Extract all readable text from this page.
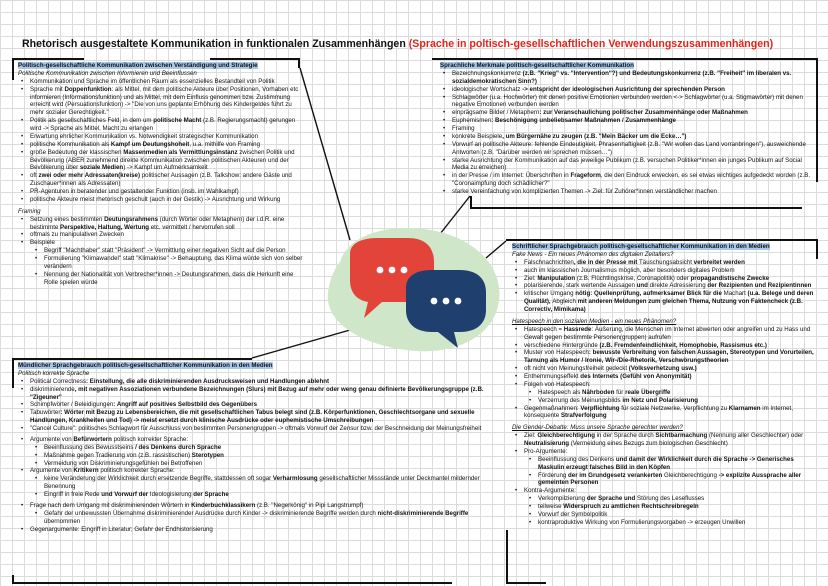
Rhetorisch ausgestaltete Kommunikation in funktionalen Zusammenhängen (Sprache in poltisch-gesellschaftlichen Verwendungszusammenhängen)
Politisch-gesellschaftliche Kommunikation zwischen Verständigung und Strategie
Politische Kommunikation zwischen Informieren und Beeinflussen
• Kommunikation und Sprache im öffentlichen Raum als essenzielles Bestandteil von Politik
• Sprache mit Doppenfunktion: als Mittel, mit dem politische Akteure über Positionen, Vorhaben etc informieren (Informationsfunktion) und als Mittel, mit dem Einfluss genommen bzw. Zustimmung erreicht wird (Persuationsfunktion) -> "Die von uns geplante Erhöhung des Kindergeldes führt zu mehr sozialer Gerechtigkeit."
• Politik als gesellschaftliches Feld, in dem um politische Macht (z.B. Regierungsmacht) gerungen wird -> Sprache als Mittel, Macht zu erlangen
• Erwartung ehrlicher Kommunikation vs. Notwendigkeit strategischer Kommunikation
• politische Kommunikation als Kampf um Deutungshoheit, u.a. mithilfe von Framing
• große Bedeutung der klassischen Massenmedien als Vermittlungsinstanz zwischen Politik und Bevölkerung (ABER zunehmend direkte Kommunikation zwischen politischen Akteuren und der Bevölkerung über soziale Medien) -> Kampf um Aufmerksamkeit
• oft zwei oder mehr Adressaten(kreise) politischer Aussagen (z.B. Talkshow: andere Gäste und Zuschauer*innen als Adressaten)
• PR-Agenturen in beratender und gestaltender Funktion (insb. im Wahlkampf)
• politische Akteure meist rhetorisch geschult (auch in der Gestik) -> Ausrichtung und Wirkung
Framing
• Setzung eines bestimmten Deutungsrahmens (durch Wörter oder Metaphern) der i.d.R. eine bestimmte Perspektive, Haltung, Wertung etc. vermittelt / hervorrufen soll
• oftmals zu manipulativen Zwecken
• Beispiele
• Begriff "Machthaber" statt "Präsident" -> Vermittlung einer negativen Sicht auf die Person
• Formulierung "Klimawandel" statt "Klimakrise" -> Behauptung, das Klima würde sich von selber verändern
• Nennung der Nationalität von Verbrecher*innen -> Deutungsrahmen, dass die Herkunft eine Rolle spielen würde
Sprachliche Merkmale politisch-gesellschaftlicher Kommunikation
• Bezeichnungskonkurrenz (z.B. "Krieg" vs. "Intervention"?) und Bedeutungskonkurrenz (z.B. "Freiheit" im liberalen vs. sozialdemokratischen Sinn?)
• ideologischer Wortschatz -> entspricht der ideologischen Ausrichtung der sprechenden Person
• Schlagwörter (u.a. Hochwörter) mit denen positive Emotionen verbunden werden <-> Schlagwörter (u.a. Stigmawörter) mit denen negative Emotionen verbunden werden
• einprägsame Bilder / Metaphern: zur Veranschaulichung politischer Zusammenhänge oder Maßnahmen
• Euphemismen: Beschönigung unbeliebsamer Maßnahmen / Zusammenhänge
• Framing
• konkrete Beispiele, um Bürgernähe zu zeugen (z.B. "Mein Bäcker um die Ecke…")
• Vorwurf an politische Akteure: fehlende Eindeutigkeit, Phrasenhaftigkeit (z.B. "Wir wollen das Land vorranbringen"), ausweichende Antworten (z.B. "Darüber werden wir sprechen müssen…")
• starke Ausrichtung der Kommunikation auf das jeweilige Publikum (z.B. versuchen Politiker*innen ein junges Publikum auf Social Media zu erreichen)
• in der Presse / im Internet: Überschriften in Frageform, die den Eindruck erwecken, es sei etwas wichtiges aufgedeckt worden (z.B. "Coronaimpfung doch schädlicher?"
• starke Vereinfachung von komplizierten Themen -> Ziel: für Zuhörer*innen verständlicher machen
Mündlicher Sprachgebrauch politisch-gesellschaftlicher Kommunikation in den Medien
Politisch korrekte Sprache
• Political Correctness: Einstellung, die alle diskriminierenden Ausdrucksweisen und Handlungen ablehnt
• diskriminierende, mit negativen Assoziationen verbundene Bezeichnungen (Slurs) mit Bezug auf mehr oder weng genau definierte Bevölkerungsgruppe (z.B. "Zigeuner"
• Schimpfwörter / Beleidigungen: Angriff auf positives Selbstbild des Gegenübers
• Tabuwörter: Wörter mit Bezug zu Lebensbereichen, die mit gesellschaftlichen Tabus belegt sind (z.B. Körperfunktionen, Geschlechtsorgane und sexuelle Handlungen, Krankheiten und Tod) -> meist ersetzt durch klinische Ausdrücke oder euphemistische Umschreibungen
• "Cancel Culture": politisches Schlagwort für Ausschluss von bestimmten Personengruppen -> oftmals Vorwurf der Zensur bzw. der Beschneidung der Meinungsfreiheit
• Argumente von Befürwortern politisch korrekter Sprache:
• Beeinflussung des Bewusstseins / des Denkens durch Sprache
• Maßnahme gegen Tradierung von (z.B. rassistischen) Sterotypen
• Vermeidung von Diskriminierungsgefühlen bei Betroffenen
• Argumente von Kritikern politisch korrekter Sprache:
• keine Veränderung der Wirklichkeit durch ersetzende Begriffe, stattdessen oft sogar Verharmlosung gesellschaftlicher Missstände unter Deckmantel mildernder Benennung
• Eingriff in freie Rede und Vorwurf der Ideologisierung der Sprache
• Frage nach dem Umgang mit diskriminierenden Wörtern in Kinderbuchklassikern (z.B. "Negerkönig" in Pipi Langstrumpf)
• Gefahr der unbewussten Übernahme diskriminierender Ausdrücke durch Kinder -> diskriminierende Begriffe werden durch nicht-diskriminierende Begriffe übernommen
• Gegenargumente: Eingriff in Literatur; Gefahr der Endhistorisierung
Schriftlicher Sprachgebrauch politisch-gesellschaftlicher Kommunikation in den Medien
Fake News - Ein neues Phänomen des digitalen Zeitalters?
• Falschnachrichten, die in der Presse mit Täuschungsabsicht verbreitet werden
• auch im klassischen Journalismus möglich, aber besonders digitales Problem
• Ziel: Manipulation (z.B. Flüchtlingskrise, Coronapolitik) oder propagandistische Zwecke
• polarisierende, stark wertende Aussagen und direkte Adressierung der Rezipienten und Rezipientinnen
• kritischer Umgang nötig: Quellenprüfung, aufmerksamer Blick für die Machart (u.a. Belege und deren Qualität), Abgleich mit anderen Meldungen zum gleichen Thema, Nutzung von Faktencheck (z.B. Correctiv, Mimikama)
Hatespeech in den sozialen Medien - ein neues Phänomen?
• Hatespeech = Hassrede: Äußerung, die Menschen im Internet abwerten oder angreifen und zu Hass und Gewalt gegen bestimmte Personen(gruppen) aufrufen
• verschiedene Hintergründe (z.B. Fremdenfeindlichkeit, Homophobie, Rassismus etc.)
• Muster von Hatespeech: bewusste Verbreitung von falschen Aussagen, Stereotypen und Vorurteilen, Tarnung als Humor / Ironie, Wir-/Die-Rhetorik, Verschwörungstheorien
• oft nicht von Meinungsfreiheit gedeckt (Volksverhetzung usw.)
• Enthemmungseffekt des Internets (Gefühl von Anonymität)
• Folgen von Hatespeech:
• Hatespeech als Nährboden für reale Übergriffe
• Verzerrung des Meinungsbilds im Netz und Polarisierung
• Gegenmaßnahmen: Verpflichtung für soziale Netzwerke, Verpflichtung zu Klarnamen im Internet, konsequente Strafverfolgung
Die Gender-Debatte: Muss unsere Sprache gerechter werden?
• Ziel: Gleichberechtigung in der Sprache durch Sichtbarmachung (Nennung aller Geschlechter) oder Neutralisierung (Vermeidung eines Bezugs zum biologischen Geschlecht)
• Pro-Argumente:
• Beeinflussung des Denkens und damit der Wirklichkeit durch die Sprache -> Generisches Maskulin erzeugt falsches Bild in den Köpfen
• Förderung der im Grundgesetz verankerten Gleichberechtigung -> explizite Aussprache aller gemeinten Personen
• Kontra-Argumente:
• Verkompilzierung der Sprache und Störung des Leseflusses
• teilweise Widerspruch zu amtlichen Rechtschreibregeln
• Vorwurf der Symbolpolitik
• kontraproduktive Wirkung von Formulierungsvorgaben -> erzeugen Unwillen
